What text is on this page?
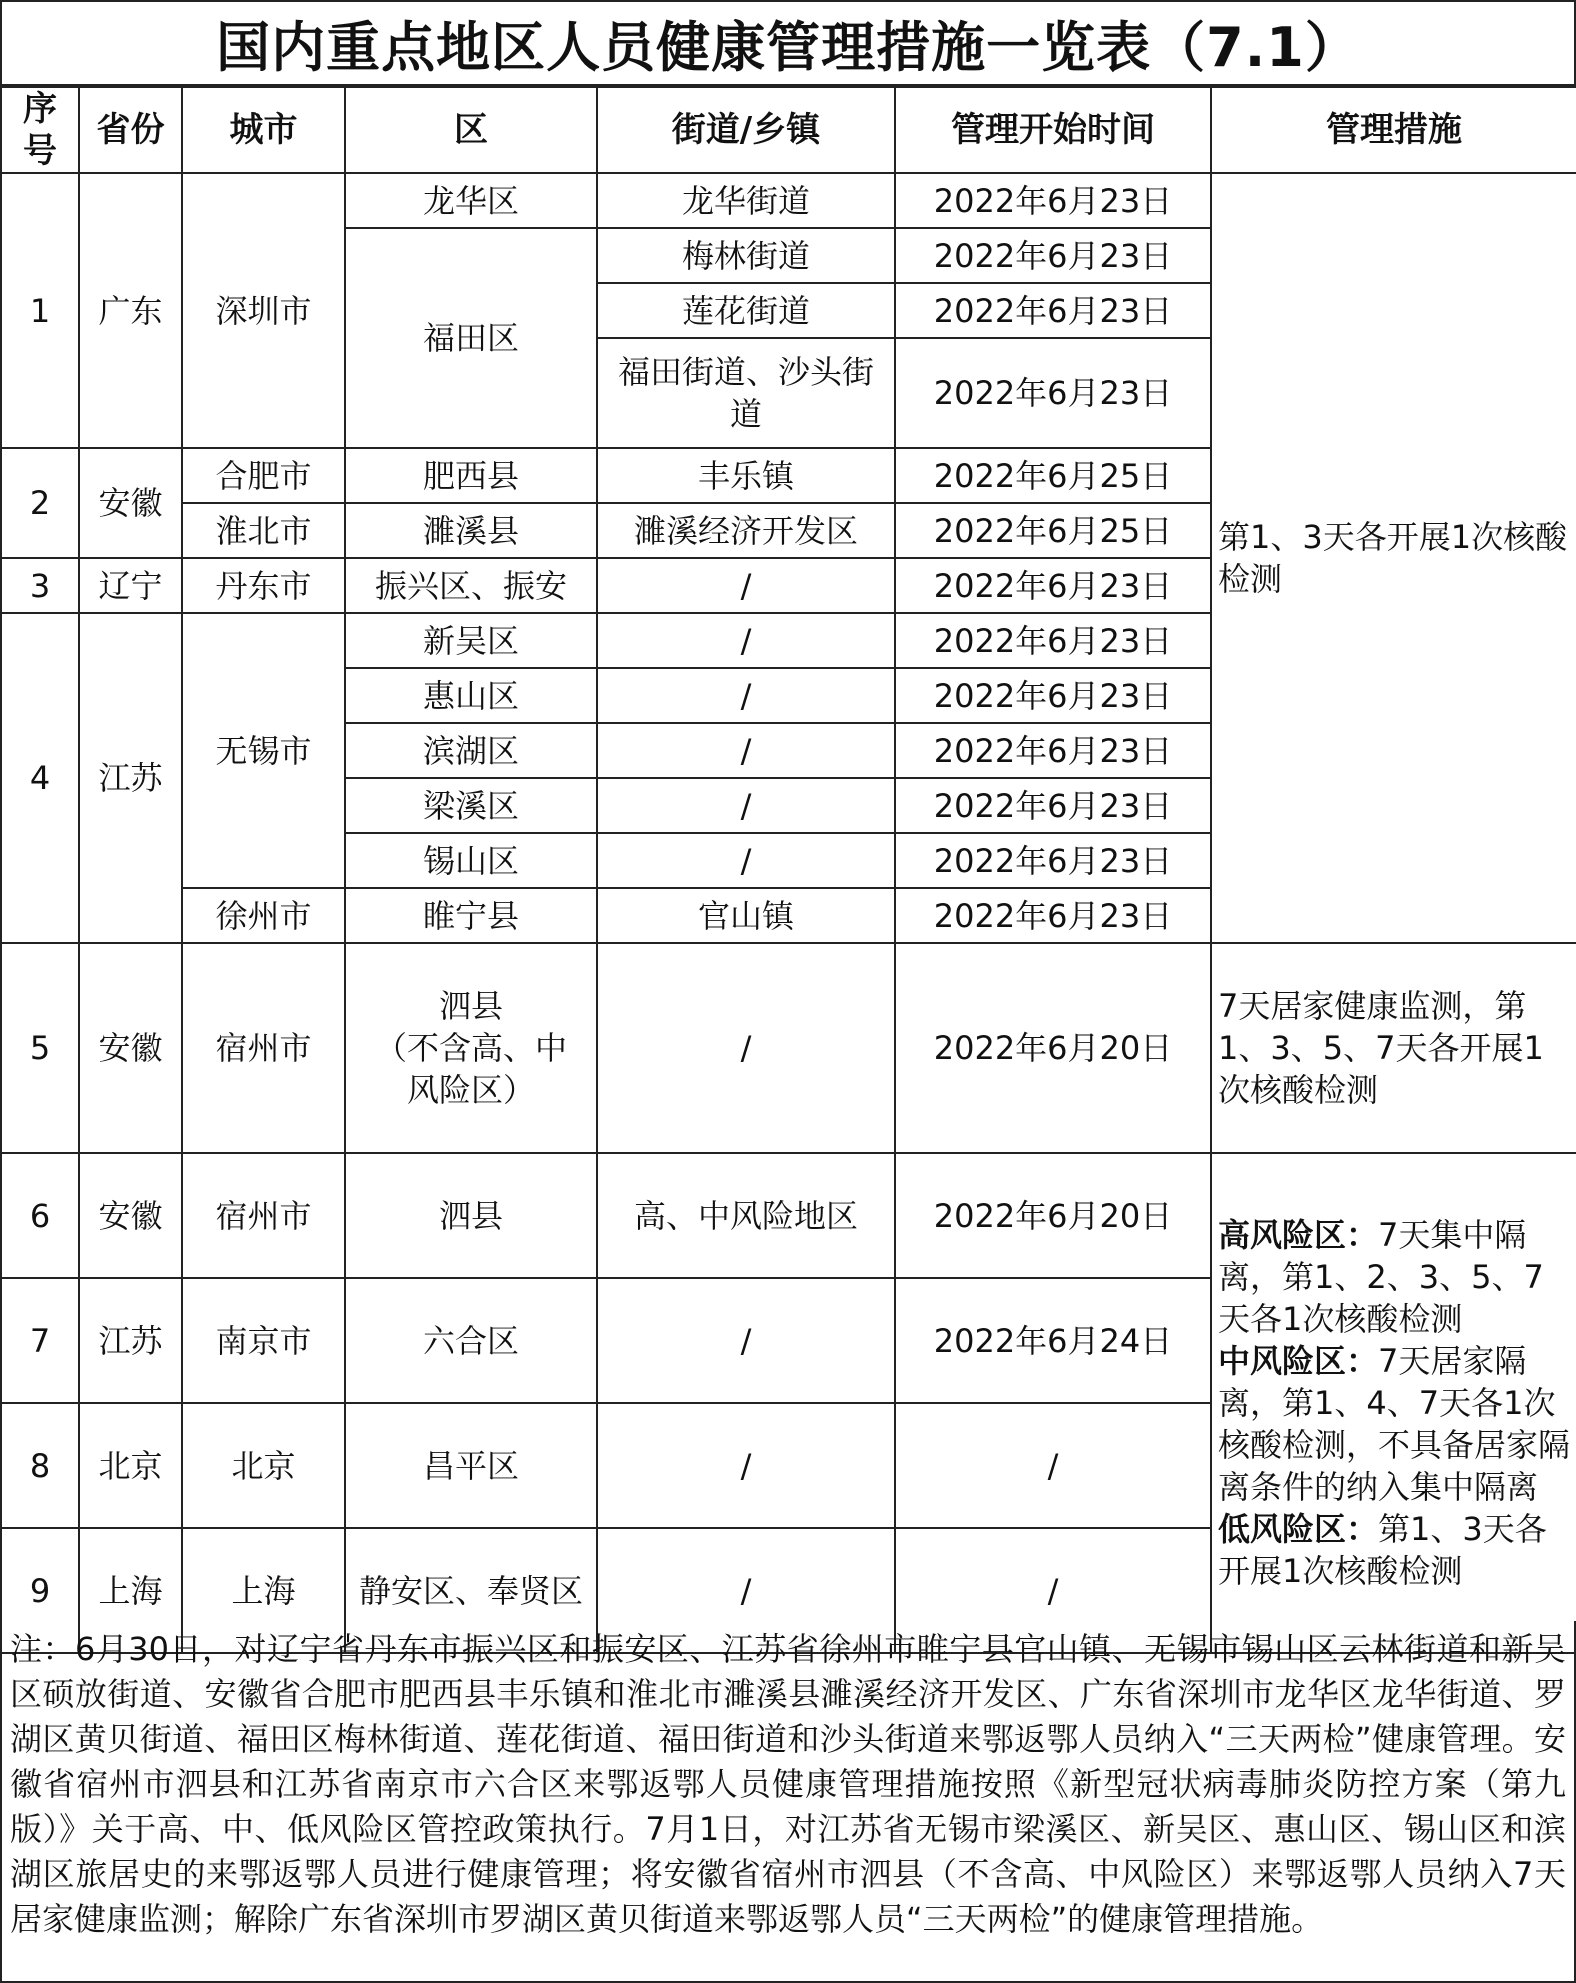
国内重点地区人员健康管理措施一览表（7.1）
序号	省份	城市	区	街道/乡镇	管理开始时间	管理措施
1	广东	深圳市	龙华区	龙华街道	2022年6月23日	第1、3天各开展1次核酸检测
			福田区	梅林街道	2022年6月23日	
				莲花街道	2022年6月23日	
				福田街道、沙头街道	2022年6月23日	

2	安徽	合肥市	肥西县	丰乐镇	2022年6月25日	
		淮北市	濉溪县	濉溪经济开发区	2022年6月25日	
3	辽宁	丹东市	振兴区、振安	/	2022年6月23日	
4	江苏	无锡市	新吴区	/	2022年6月23日	
			惠山区	/	2022年6月23日	
			滨湖区	/	2022年6月23日	
			梁溪区	/	2022年6月23日	
			锡山区	/	2022年6月23日	
		徐州市	睢宁县	官山镇	2022年6月23日	
5	安徽	宿州市	泗县
（不含高、中
风险区）	/	2022年6月20日	7天居家健康监测，第1、3、5、7天各开展1次核酸检测
6	安徽	宿州市	泗县	高、中风险地区	2022年6月20日	高风险区：7天集中隔离，第1、2、3、5、7天各1次核酸检测
中风险区：7天居家隔离，第1、4、7天各1次核酸检测，不具备居家隔离条件的纳入集中隔离
低风险区：第1、3天各开展1次核酸检测
7	江苏	南京市	六合区	/	2022年6月24日	
8	北京	北京	昌平区	/	/	
9	上海	上海	静安区、奉贤区	/	/	
注：6月30日，对辽宁省丹东市振兴区和振安区、江苏省徐州市睢宁县官山镇、无锡市锡山区云林街道和新吴区硕放街道、安徽省合肥市肥西县丰乐镇和淮北市濉溪县濉溪经济开发区、广东省深圳市龙华区龙华街道、罗湖区黄贝街道、福田区梅林街道、莲花街道、福田街道和沙头街道来鄂返鄂人员纳入“三天两检”健康管理。安徽省宿州市泗县和江苏省南京市六合区来鄂返鄂人员健康管理措施按照《新型冠状病毒肺炎防控方案（第九版）》关于高、中、低风险区管控政策执行。7月1日，对江苏省无锡市梁溪区、新吴区、惠山区、锡山区和滨湖区旅居史的来鄂返鄂人员进行健康管理；将安徽省宿州市泗县（不含高、中风险区）来鄂返鄂人员纳入7天居家健康监测；解除广东省深圳市罗湖区黄贝街道来鄂返鄂人员“三天两检”的健康管理措施。
